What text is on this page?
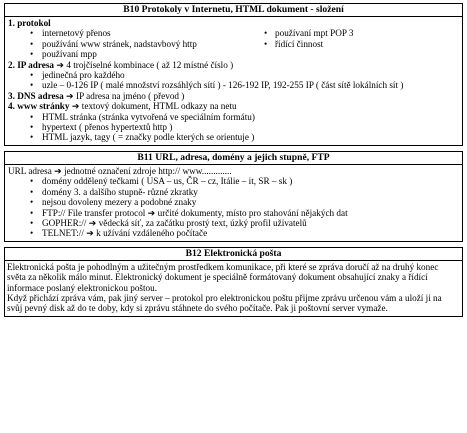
B10 Protokoly v Internetu, HTML dokument - složení
1. protokol
• internetový přenos
• používání www stránek, nadstavbový http
• používaní mpp
• používaní mpt POP 3
• řídící činnost
2. IP adresa ➔ 4 trojčíselné kombinace ( až 12 místné číslo )
• jedinečná pro každého
• uzle – 0-126 IP ( malé množství rozsáhlých sítí ) - 126-192 IP, 192-255 IP ( část sítě lokálních sít )
3. DNS adresa ➔ IP adresa na jméno ( převod )
4. www stránky ➔ textový dokument, HTML odkazy na netu
• HTML stránka (stránka vytvořená ve speciálním formátu)
• hypertext ( přenos hypertextů http )
• HTML jazyk, tagy ( = značky podle kterých se orientuje )
B11 URL, adresa, domény a jejich stupně, FTP
URL adresa ➔ jednotné označení zdroje http:// www.............
• domény oddělený tečkami ( USA – us, ČR – cz, Itálie – it, SR – sk )
• domény 3. a dalšího stupně- různé zkratky
• nejsou dovoleny mezery a podobné znaky
• FTP:// File transfer protocol ➔ určité dokumenty, místo pro stahování nějakých dat
• GOPHER:// ➔ vědecká síť, za začátku prostý text, úzký profil uživatelů
• TELNET:// ➔ k užívání vzdáleného počítače
B12 Elektronická pošta

Elektronická pošta je pohodlným a užitečným prostředkem komunikace, při které se zpráva doručí až na druhý konec

světa za několik málo minut. Elektronický dokument je speciálně formátovaný dokument obsahující znaky a řídící

informace poslaný elektronickou poštou.

Když přichází zpráva vám, pak jiný server – protokol pro elektronickou poštu přijme zprávu určenou vám a uloží ji na

svůj pevný disk až do te doby, kdy si zprávu stáhnete do svého počítače. Pak ji poštovní server vymaže.
